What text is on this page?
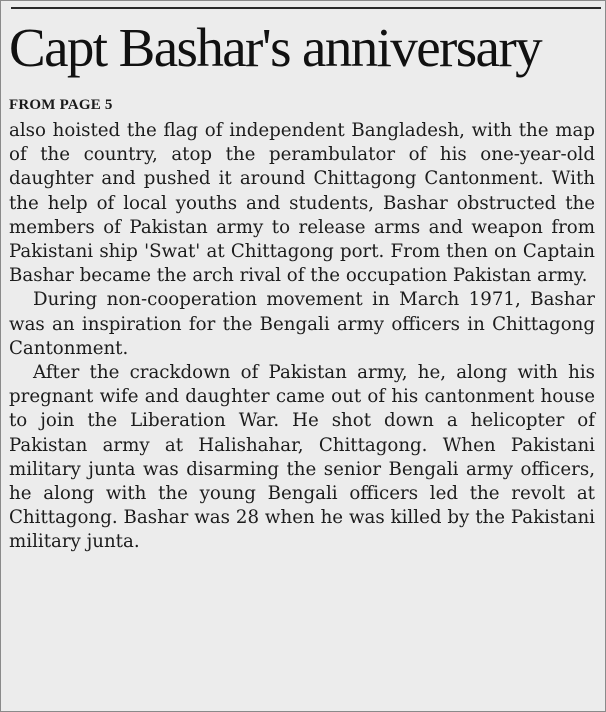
Capt Bashar's anniversary
FROM PAGE 5

also hoisted the flag of independent Bangladesh, with the map of the country, atop the perambulator of his one-year-old daughter and pushed it around Chittagong Cantonment. With the help of local youths and students, Bashar obstructed the members of Pakistan army to release arms and weapon from Pakistani ship 'Swat' at Chittagong port. From then on Captain Bashar became the arch rival of the occupation Pakistan army.

During non-cooperation movement in March 1971, Bashar was an inspiration for the Bengali army officers in Chittagong Cantonment.

After the crackdown of Pakistan army, he, along with his pregnant wife and daughter came out of his cantonment house to join the Liberation War. He shot down a helicopter of Pakistan army at Halishahar, Chittagong. When Pakistani military junta was disarming the senior Bengali army officers, he along with the young Bengali officers led the revolt at Chittagong. Bashar was 28 when he was killed by the Pakistani military junta.
